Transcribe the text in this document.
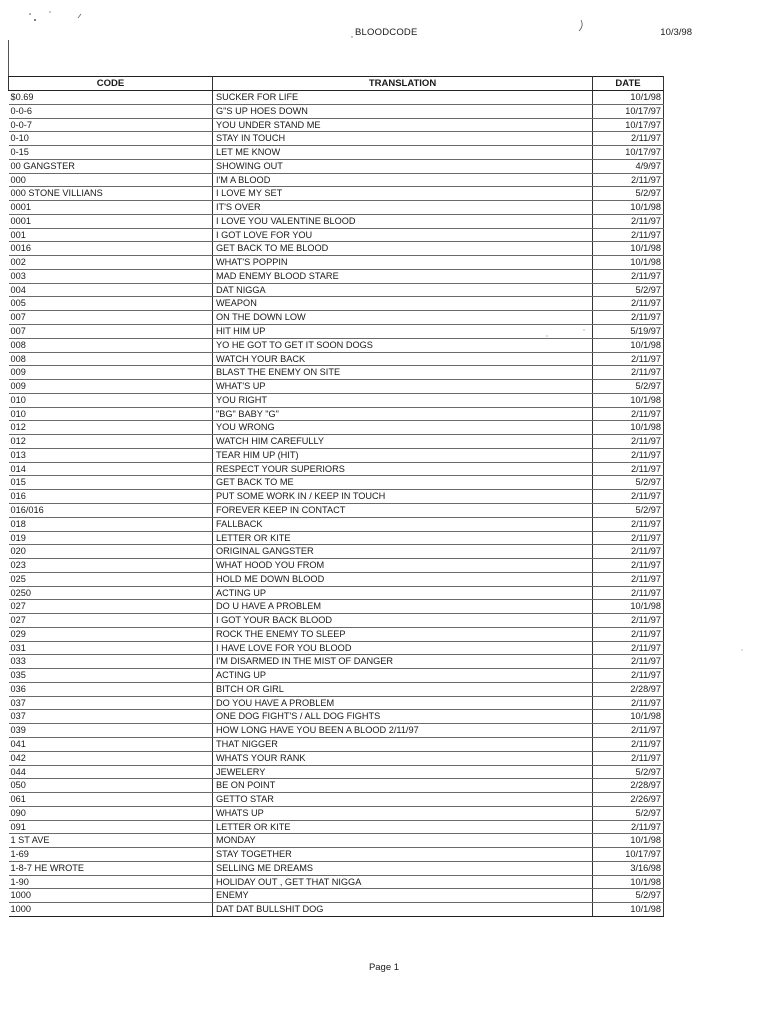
BLOODCODE	10/3/98
CODE	TRANSLATION	DATE
$0.69	SUCKER FOR LIFE	10/1/98
0-0-6	G"S UP HOES DOWN	10/17/97
0-0-7	YOU UNDER STAND ME	10/17/97
0-10	STAY IN TOUCH	2/11/97
0-15	LET ME KNOW	10/17/97
00 GANGSTER	SHOWING OUT	4/9/97
000	I'M A BLOOD	2/11/97
000 STONE VILLIANS	I LOVE MY SET	5/2/97
0001	IT'S OVER	10/1/98
0001	I LOVE YOU VALENTINE BLOOD	2/11/97
001	I GOT LOVE FOR YOU	2/11/97
0016	GET BACK TO ME BLOOD	10/1/98
002	WHAT'S POPPIN	10/1/98
003	MAD ENEMY BLOOD STARE	2/11/97
004	DAT NIGGA	5/2/97
005	WEAPON	2/11/97
007	ON THE DOWN LOW	2/11/97
007	HIT HIM UP	5/19/97
008	YO HE GOT TO GET IT SOON DOGS	10/1/98
008	WATCH YOUR BACK	2/11/97
009	BLAST THE ENEMY ON SITE	2/11/97
009	WHAT'S UP	5/2/97
010	YOU RIGHT	10/1/98
010	"BG" BABY "G"	2/11/97
012	YOU WRONG	10/1/98
012	WATCH HIM CAREFULLY	2/11/97
013	TEAR HIM UP (HIT)	2/11/97
014	RESPECT YOUR SUPERIORS	2/11/97
015	GET BACK TO ME	5/2/97
016	PUT SOME WORK IN / KEEP IN TOUCH	2/11/97
016/016	FOREVER KEEP IN CONTACT	5/2/97
018	FALLBACK	2/11/97
019	LETTER OR KITE	2/11/97
020	ORIGINAL GANGSTER	2/11/97
023	WHAT HOOD YOU FROM	2/11/97
025	HOLD ME DOWN BLOOD	2/11/97
0250	ACTING UP	2/11/97
027	DO U HAVE A PROBLEM	10/1/98
027	I GOT YOUR BACK BLOOD	2/11/97
029	ROCK THE ENEMY TO SLEEP	2/11/97
031	I HAVE LOVE FOR YOU BLOOD	2/11/97
033	I'M DISARMED IN THE MIST OF DANGER	2/11/97
035	ACTING UP	2/11/97
036	BITCH OR GIRL	2/28/97
037	DO YOU HAVE A PROBLEM	2/11/97
037	ONE DOG FIGHT'S / ALL DOG FIGHTS	10/1/98
039	HOW LONG HAVE YOU BEEN A BLOOD 2/11/97	2/11/97
041	THAT NIGGER	2/11/97
042	WHATS YOUR RANK	2/11/97
044	JEWELERY	5/2/97
050	BE ON POINT	2/28/97
061	GETTO STAR	2/26/97
090	WHATS UP	5/2/97
091	LETTER OR KITE	2/11/97
1 ST AVE	MONDAY	10/1/98
1-69	STAY TOGETHER	10/17/97
1-8-7 HE WROTE	SELLING ME DREAMS	3/16/98
1-90	HOLIDAY OUT , GET THAT NIGGA	10/1/98
1000	ENEMY	5/2/97
1000	DAT DAT BULLSHIT DOG	10/1/98
Page 1
